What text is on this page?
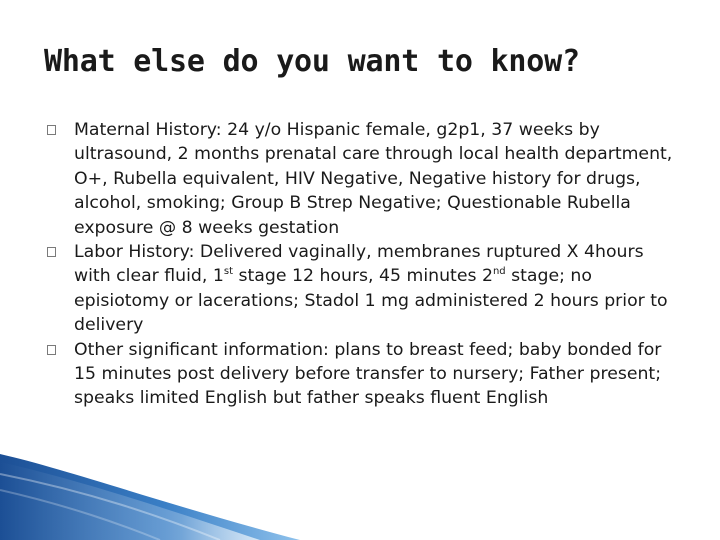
What else do you want to know?
Maternal History: 24 y/o Hispanic female, g2p1, 37 weeks by ultrasound, 2 months prenatal care through local health department, O+, Rubella equivalent, HIV Negative, Negative history for drugs, alcohol, smoking; Group B Strep Negative; Questionable Rubella exposure @ 8 weeks gestation
Labor History: Delivered vaginally, membranes ruptured X 4hours with clear fluid, 1st stage 12 hours, 45 minutes 2nd stage; no episiotomy or lacerations; Stadol 1 mg administered 2 hours prior to delivery
Other significant information: plans to breast feed; baby bonded for 15 minutes post delivery before transfer to nursery; Father present; speaks limited English but father speaks fluent English
